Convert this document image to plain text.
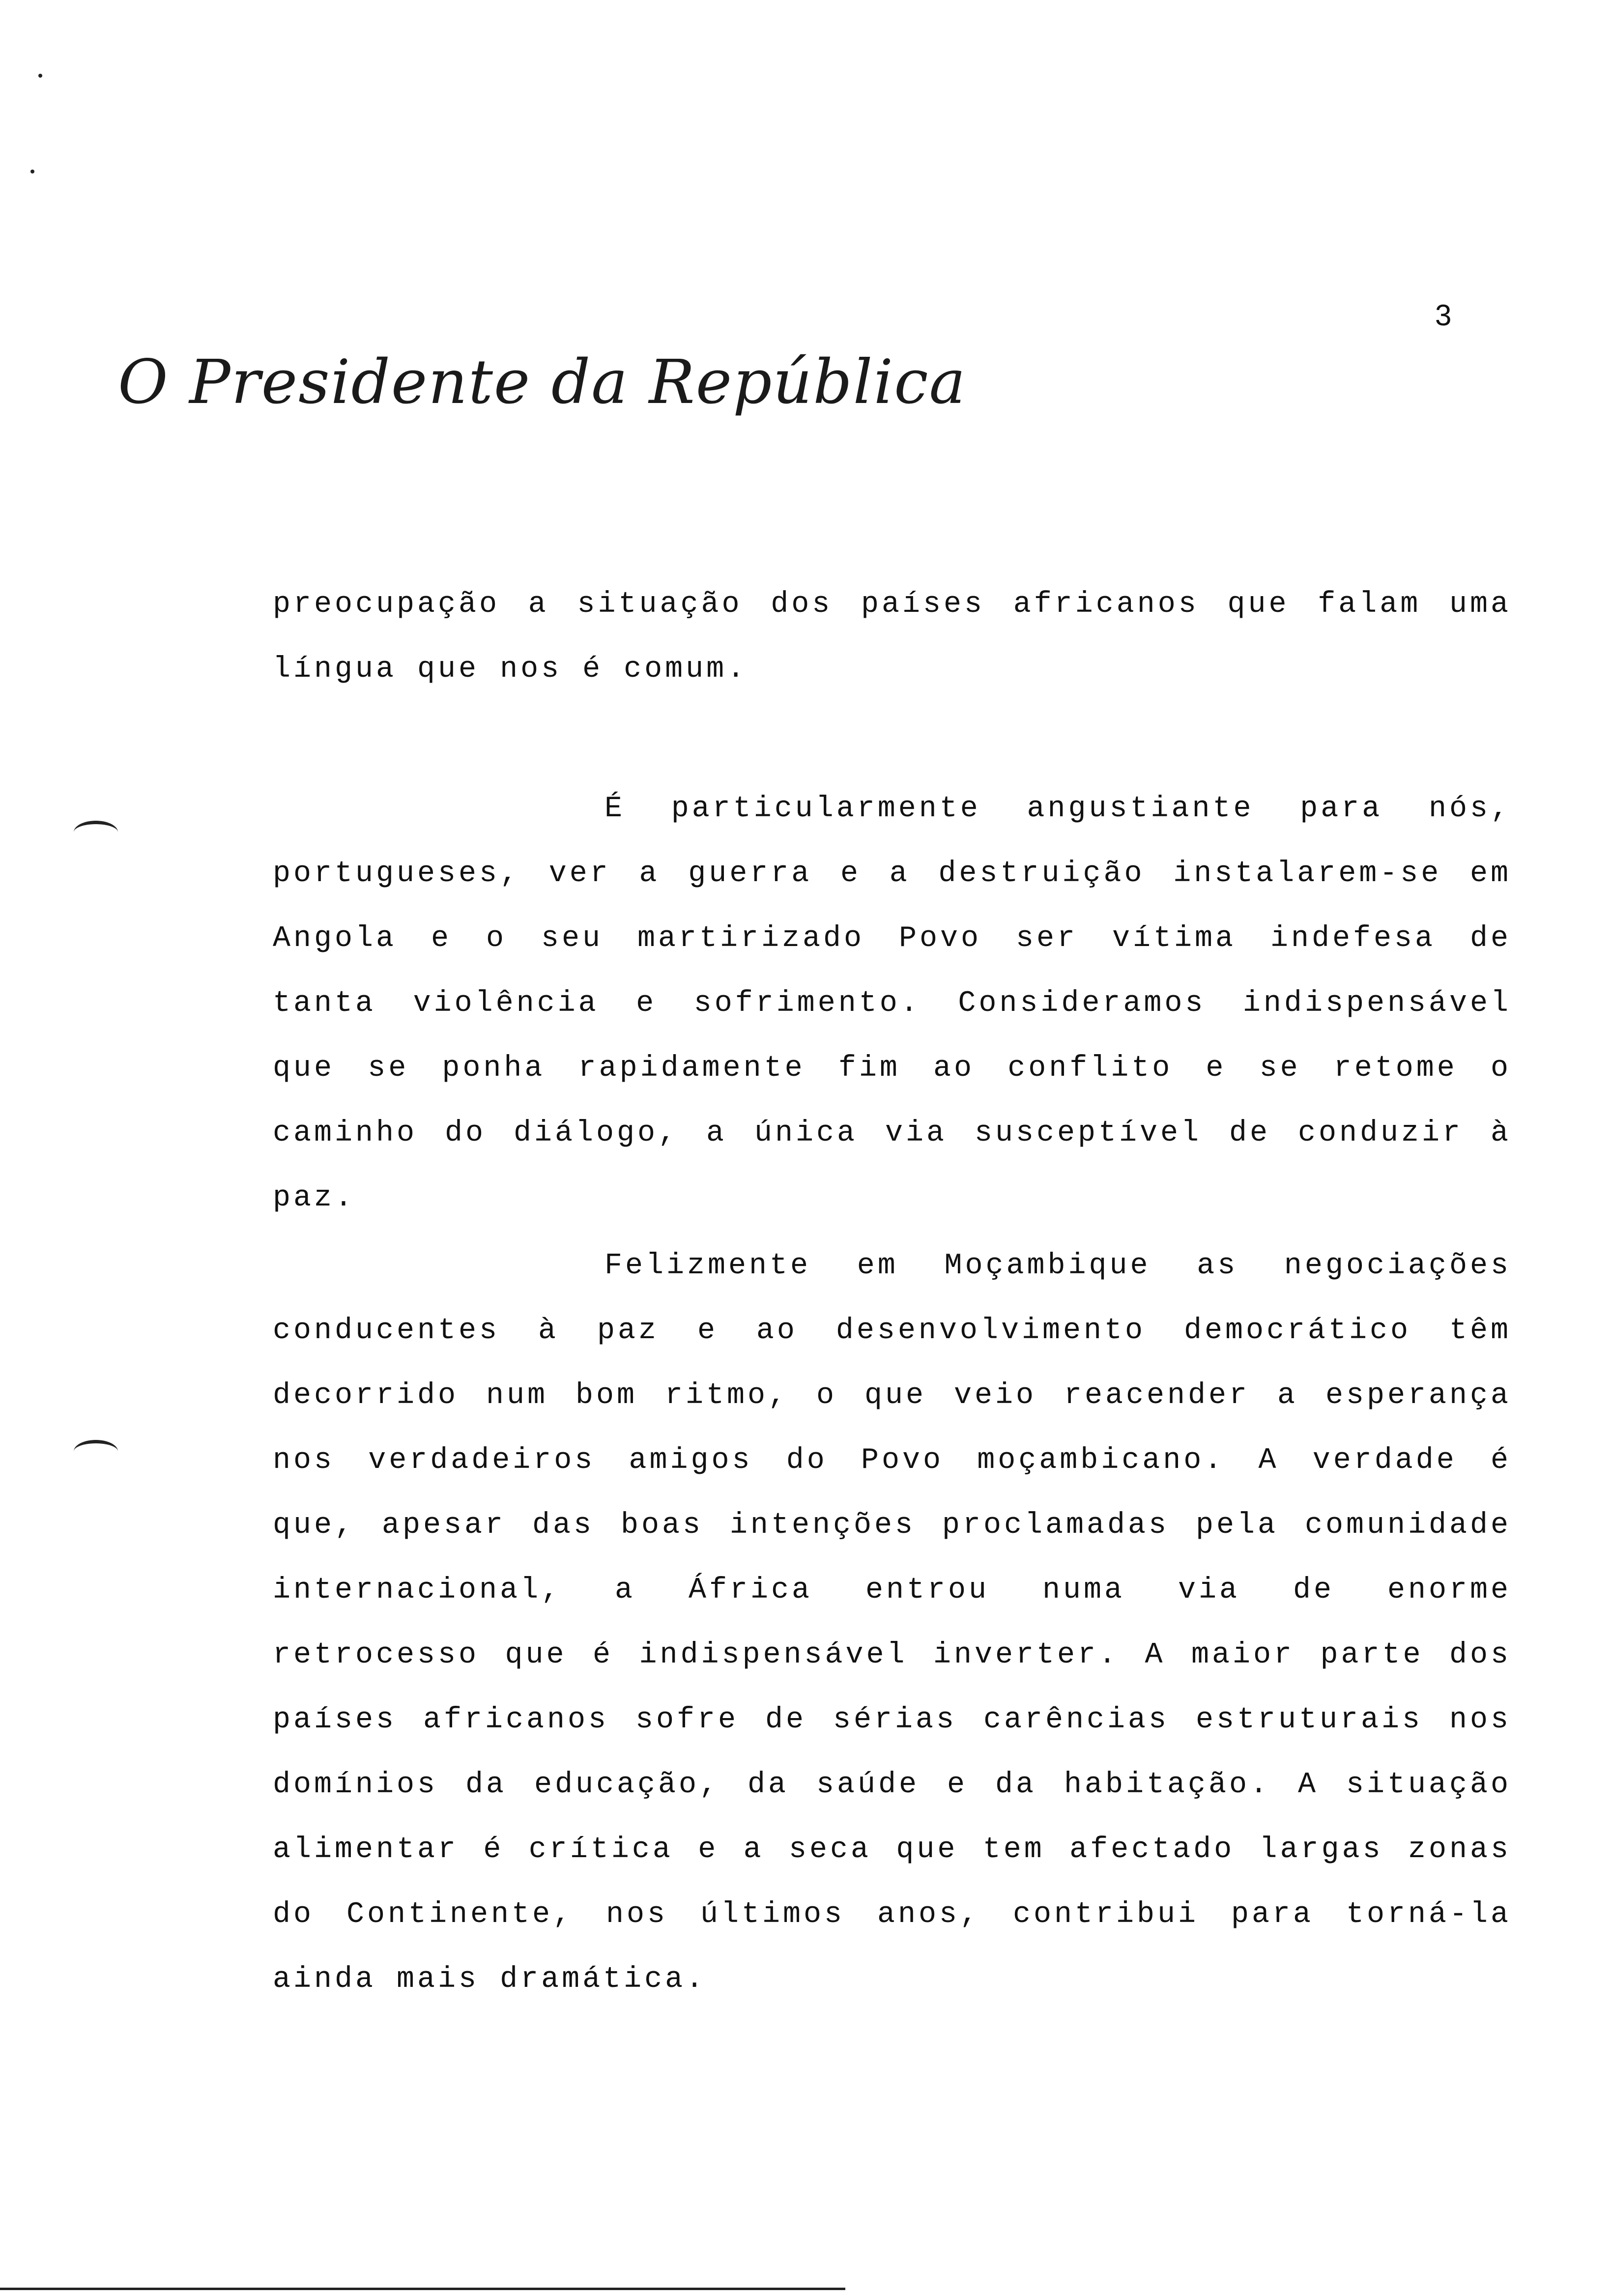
3
O Presidente da República

preocupação a situação dos países africanos que falam uma língua que nos é comum.

É particularmente angustiante para nós, portugueses, ver a guerra e a destruição instalarem-se em Angola e o seu martirizado Povo ser vítima indefesa de tanta violência e sofrimento. Consideramos indispensável que se ponha rapidamente fim ao conflito e se retome o caminho do diálogo, a única via susceptível de conduzir à paz.

Felizmente em Moçambique as negociações conducentes à paz e ao desenvolvimento democrático têm decorrido num bom ritmo, o que veio reacender a esperança nos verdadeiros amigos do Povo moçambicano. A verdade é que, apesar das boas intenções proclamadas pela comunidade internacional, a África entrou numa via de enorme retrocesso que é indispensável inverter. A maior parte dos países africanos sofre de sérias carências estruturais nos domínios da educação, da saúde e da habitação. A situação alimentar é crítica e a seca que tem afectado largas zonas do Continente, nos últimos anos, contribui para torná-la ainda mais dramática.
